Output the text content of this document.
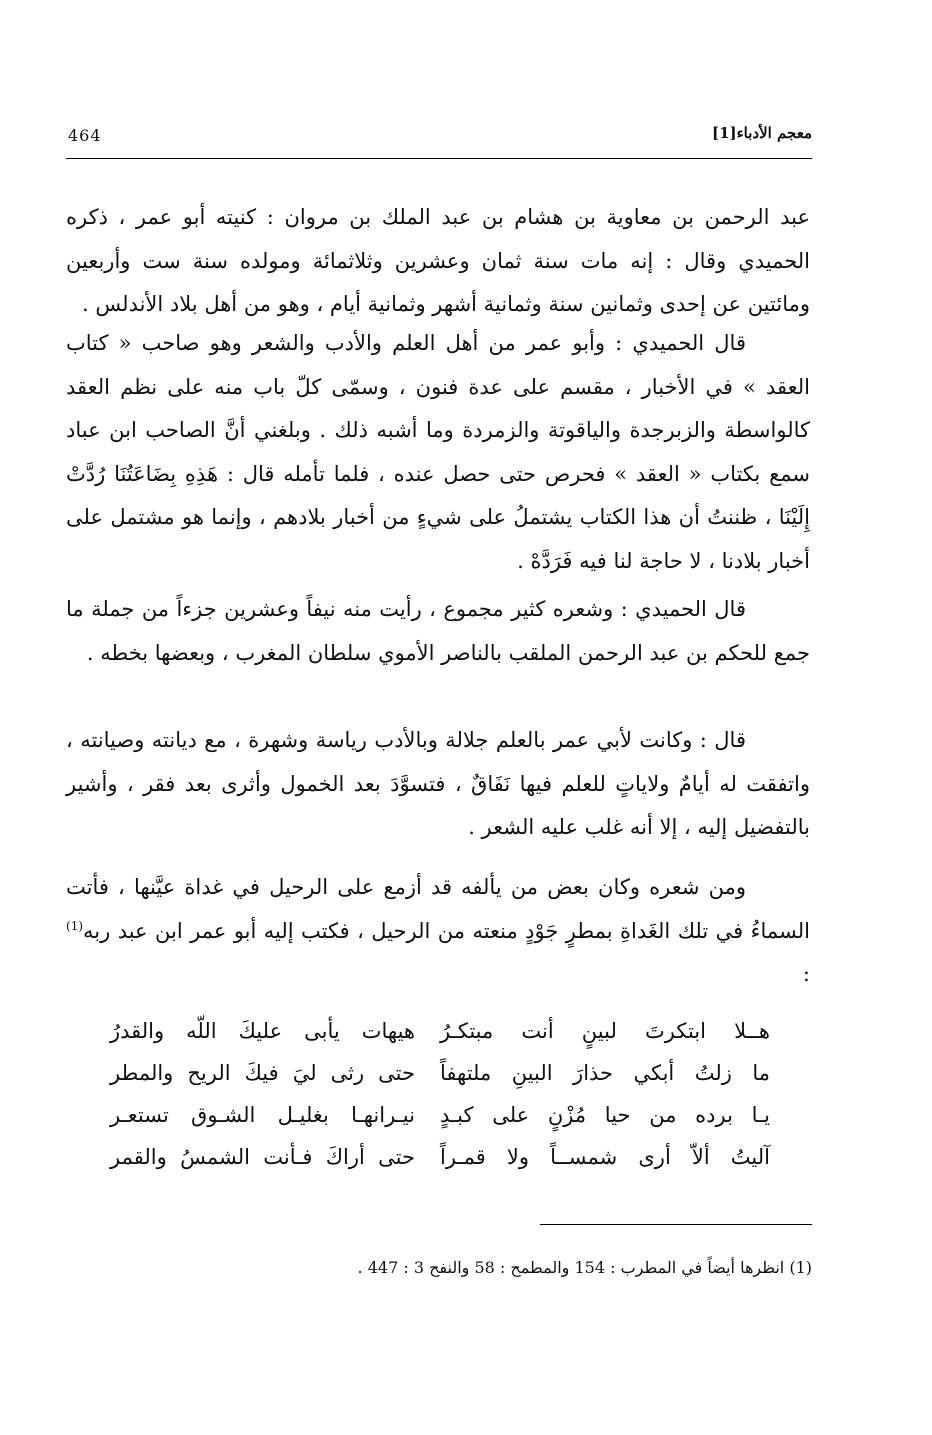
معجم الأدباء[1]
464

عبد الرحمن بن معاوية بن هشام بن عبد الملك بن مروان : كنيته أبو عمر ، ذكره الحميدي وقال : إنه مات سنة ثمان وعشرين وثلاثمائة ومولده سنة ست وأربعين ومائتين عن إحدى وثمانين سنة وثمانية أشهر وثمانية أيام ، وهو من أهل بلاد الأندلس .

قال الحميدي : وأبو عمر من أهل العلم والأدب والشعر وهو صاحب « كتاب العقد » في الأخبار ، مقسم على عدة فنون ، وسمّى كلّ باب منه على نظم العقد كالواسطة والزبرجدة والياقوتة والزمردة وما أشبه ذلك . وبلغني أنَّ الصاحب ابن عباد سمع بكتاب « العقد » فحرص حتى حصل عنده ، فلما تأمله قال : هَذِهِ بِضَاعَتُنَا رُدَّتْ إِلَيْنَا ، ظننتُ أن هذا الكتاب يشتملُ على شيءٍ من أخبار بلادهم ، وإنما هو مشتمل على أخبار بلادنا ، لا حاجة لنا فيه فَرَدَّهْ .

قال الحميدي : وشعره كثير مجموع ، رأيت منه نيفاً وعشرين جزءاً من جملة ما جمع للحكم بن عبد الرحمن الملقب بالناصر الأموي سلطان المغرب ، وبعضها بخطه .

قال : وكانت لأبي عمر بالعلم جلالة وبالأدب رياسة وشهرة ، مع ديانته وصيانته ، واتفقت له أيامٌ ولاياتٍ للعلم فيها نَفَاقٌ ، فتسوَّدَ بعد الخمول وأثرى بعد فقر ، وأشير بالتفضيل إليه ، إلا أنه غلب عليه الشعر .

ومن شعره وكان بعض من يألفه قد أزمع على الرحيل في غداة عيَّنها ، فأتت السماءُ في تلك الغَداةِ بمطرٍ جَوْدٍ منعته من الرحيل ، فكتب إليه أبو عمر ابن عبد ربه$^{(1)}$ :

هــلا ابتكرتَ لبينٍ أنت مبتكـرُ
هيهات يأبى عليكَ اللّه والقدرُ
ما زلتُ أبكي حذارَ البينِ ملتهفاً
حتى رثى ليَ فيكَ الريح والمطر
يـا برده من حيا مُزْنٍ على كبـدٍ
نيـرانهـا بغليـل الشـوق تستعـر
آليتُ ألاّ أرى شمســاً ولا قمـراً
حتى أراكَ فـأنت الشمسُ والقمر
(1) انظرها أيضاً في المطرب : 154 والمطمح : 58 والنفح 3 : 447 .
